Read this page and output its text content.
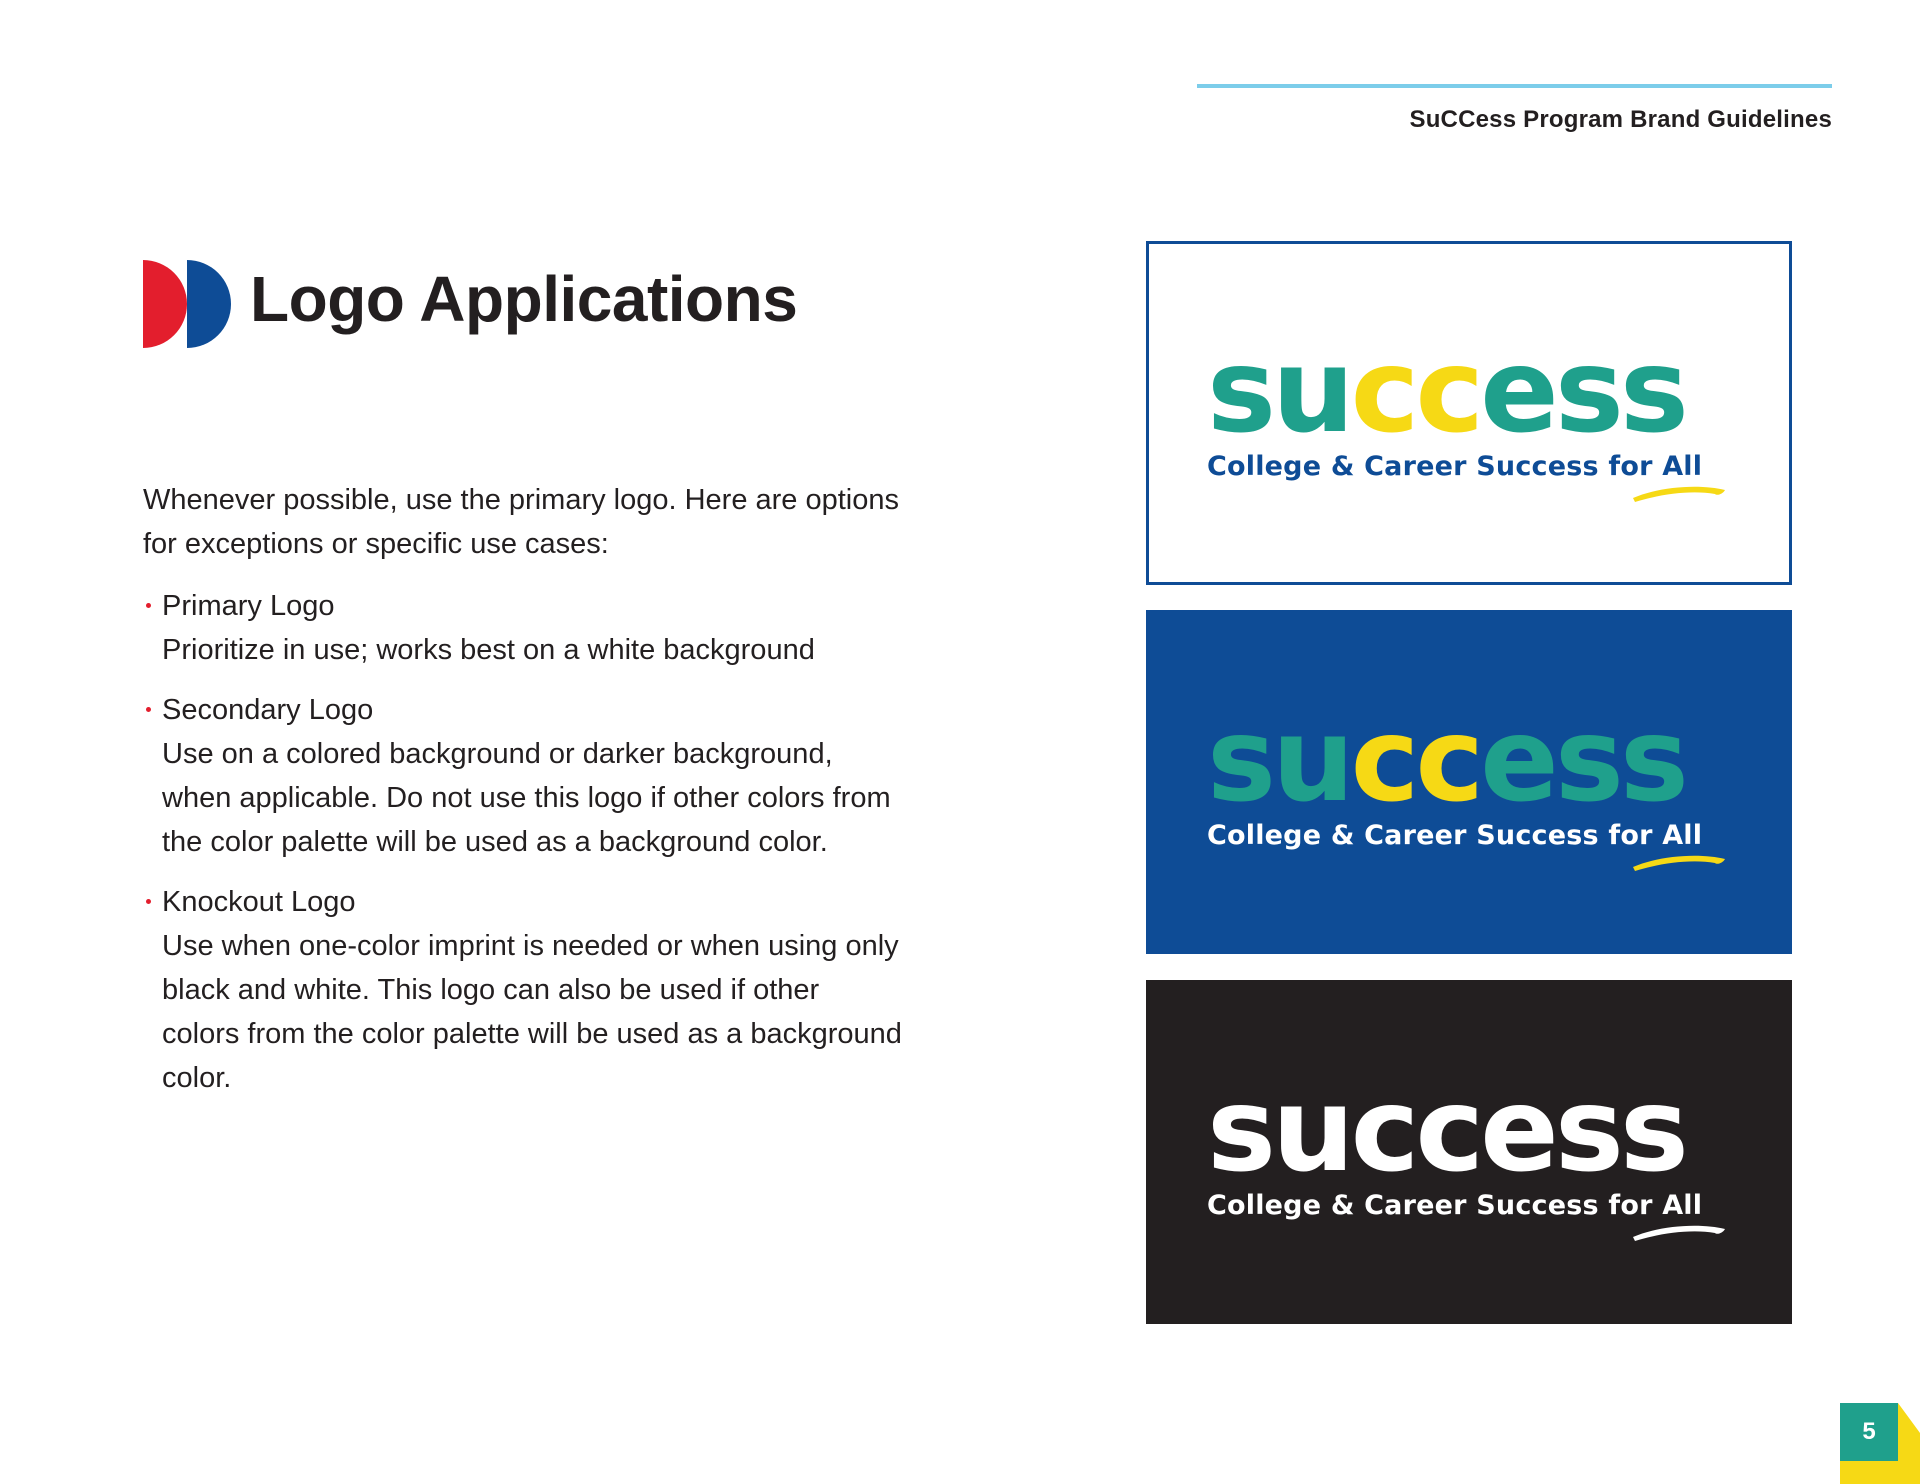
SuCCess Program Brand Guidelines
Logo Applications

Whenever possible, use the primary logo. Here are options for exceptions or specific use cases:

Primary Logo
Prioritize in use; works best on a white background
Secondary Logo
Use on a colored background or darker background, when applicable. Do not use this logo if other colors from the color palette will be used as a background color.
Knockout Logo
Use when one-color imprint is needed or when using only black and white. This logo can also be used if other colors from the color palette will be used as a background color.
success
College & Career Success for All
success
College & Career Success for All
success
College & Career Success for All
5
